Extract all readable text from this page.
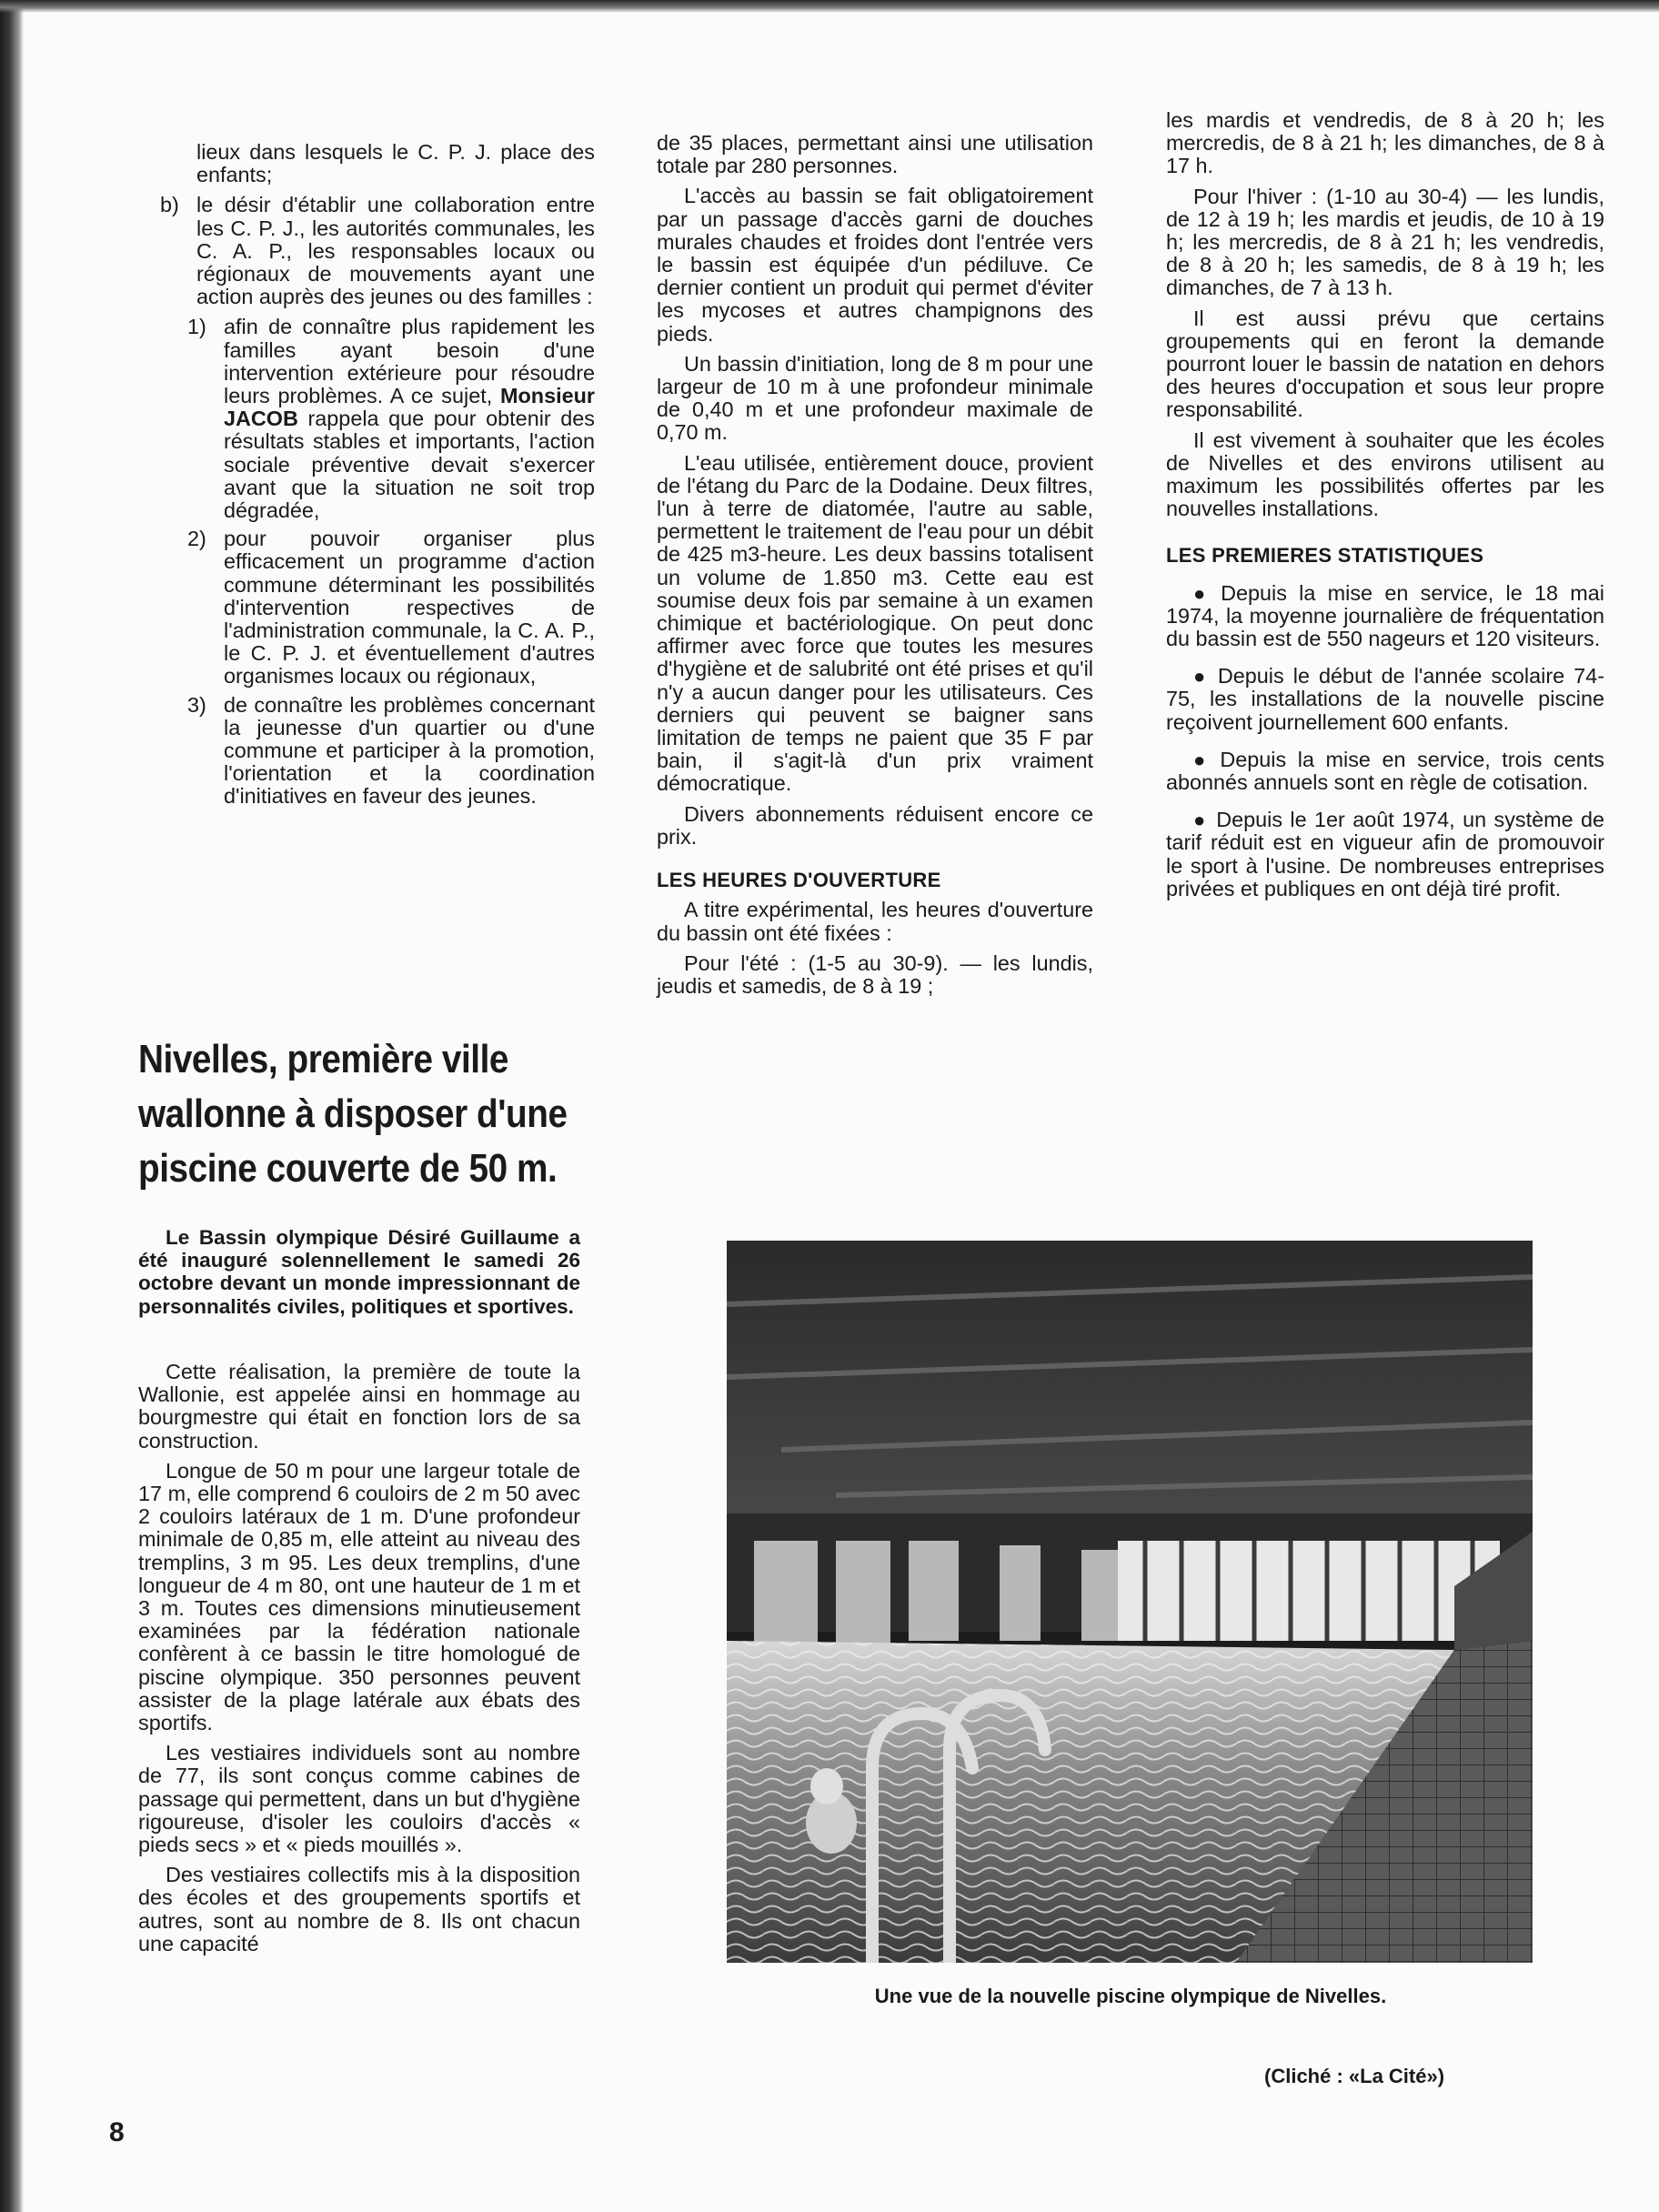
lieux dans lesquels le C. P. J. place des enfants;

b) le désir d'établir une collaboration entre les C. P. J., les autorités communales, les C. A. P., les responsables locaux ou régionaux de mouvements ayant une action auprès des jeunes ou des familles :
1) afin de connaître plus rapidement les familles ayant besoin d'une intervention extérieure pour résoudre leurs problèmes. A ce sujet, Monsieur JACOB rappela que pour obtenir des résultats stables et importants, l'action sociale préventive devait s'exercer avant que la situation ne soit trop dégradée,
2) pour pouvoir organiser plus efficacement un programme d'action commune déterminant les possibilités d'intervention respectives de l'administration communale, la C. A. P., le C. P. J. et éventuellement d'autres organismes locaux ou régionaux,
3) de connaître les problèmes concernant la jeunesse d'un quartier ou d'une commune et participer à la promotion, l'orientation et la coordination d'initiatives en faveur des jeunes.
Nivelles, première ville
wallonne à disposer d'une
piscine couverte de 50 m.

Le Bassin olympique Désiré Guillaume a été inauguré solennellement le samedi 26 octobre devant un monde impressionnant de personnalités civiles, politiques et sportives.

Cette réalisation, la première de toute la Wallonie, est appelée ainsi en hommage au bourgmestre qui était en fonction lors de sa construction.

Longue de 50 m pour une largeur totale de 17 m, elle comprend 6 couloirs de 2 m 50 avec 2 couloirs latéraux de 1 m. D'une profondeur minimale de 0,85 m, elle atteint au niveau des tremplins, 3 m 95. Les deux tremplins, d'une longueur de 4 m 80, ont une hauteur de 1 m et 3 m. Toutes ces dimensions minutieusement examinées par la fédération nationale confèrent à ce bassin le titre homologué de piscine olympique. 350 personnes peuvent assister de la plage latérale aux ébats des sportifs.

Les vestiaires individuels sont au nombre de 77, ils sont conçus comme cabines de passage qui permettent, dans un but d'hygiène rigoureuse, d'isoler les couloirs d'accès « pieds secs » et « pieds mouillés ».

Des vestiaires collectifs mis à la disposition des écoles et des groupements sportifs et autres, sont au nombre de 8. Ils ont chacun une capacité

de 35 places, permettant ainsi une utilisation totale par 280 personnes.

L'accès au bassin se fait obligatoirement par un passage d'accès garni de douches murales chaudes et froides dont l'entrée vers le bassin est équipée d'un pédiluve. Ce dernier contient un produit qui permet d'éviter les mycoses et autres champignons des pieds.

Un bassin d'initiation, long de 8 m pour une largeur de 10 m à une profondeur minimale de 0,40 m et une profondeur maximale de 0,70 m.

L'eau utilisée, entièrement douce, provient de l'étang du Parc de la Dodaine. Deux filtres, l'un à terre de diatomée, l'autre au sable, permettent le traitement de l'eau pour un débit de 425 m3-heure. Les deux bassins totalisent un volume de 1.850 m3. Cette eau est soumise deux fois par semaine à un examen chimique et bactériologique. On peut donc affirmer avec force que toutes les mesures d'hygiène et de salubrité ont été prises et qu'il n'y a aucun danger pour les utilisateurs. Ces derniers qui peuvent se baigner sans limitation de temps ne paient que 35 F par bain, il s'agit-là d'un prix vraiment démocratique.

Divers abonnements réduisent encore ce prix.

LES HEURES D'OUVERTURE

A titre expérimental, les heures d'ouverture du bassin ont été fixées :

Pour l'été : (1-5 au 30-9). — les lundis, jeudis et samedis, de 8 à 19 ;

les mardis et vendredis, de 8 à 20 h; les mercredis, de 8 à 21 h; les dimanches, de 8 à 17 h.

Pour l'hiver : (1-10 au 30-4) — les lundis, de 12 à 19 h; les mardis et jeudis, de 10 à 19 h; les mercredis, de 8 à 21 h; les vendredis, de 8 à 20 h; les samedis, de 8 à 19 h; les dimanches, de 7 à 13 h.

Il est aussi prévu que certains groupements qui en feront la demande pourront louer le bassin de natation en dehors des heures d'occupation et sous leur propre responsabilité.

Il est vivement à souhaiter que les écoles de Nivelles et des environs utilisent au maximum les possibilités offertes par les nouvelles installations.

LES PREMIERES STATISTIQUES

● Depuis la mise en service, le 18 mai 1974, la moyenne journalière de fréquentation du bassin est de 550 nageurs et 120 visiteurs.

● Depuis le début de l'année scolaire 74-75, les installations de la nouvelle piscine reçoivent journellement 600 enfants.

● Depuis la mise en service, trois cents abonnés annuels sont en règle de cotisation.

● Depuis le 1er août 1974, un système de tarif réduit est en vigueur afin de promouvoir le sport à l'usine. De nombreuses entreprises privées et publiques en ont déjà tiré profit.

Une vue de la nouvelle piscine olympique de Nivelles.
(Cliché : «La Cité»)
8
